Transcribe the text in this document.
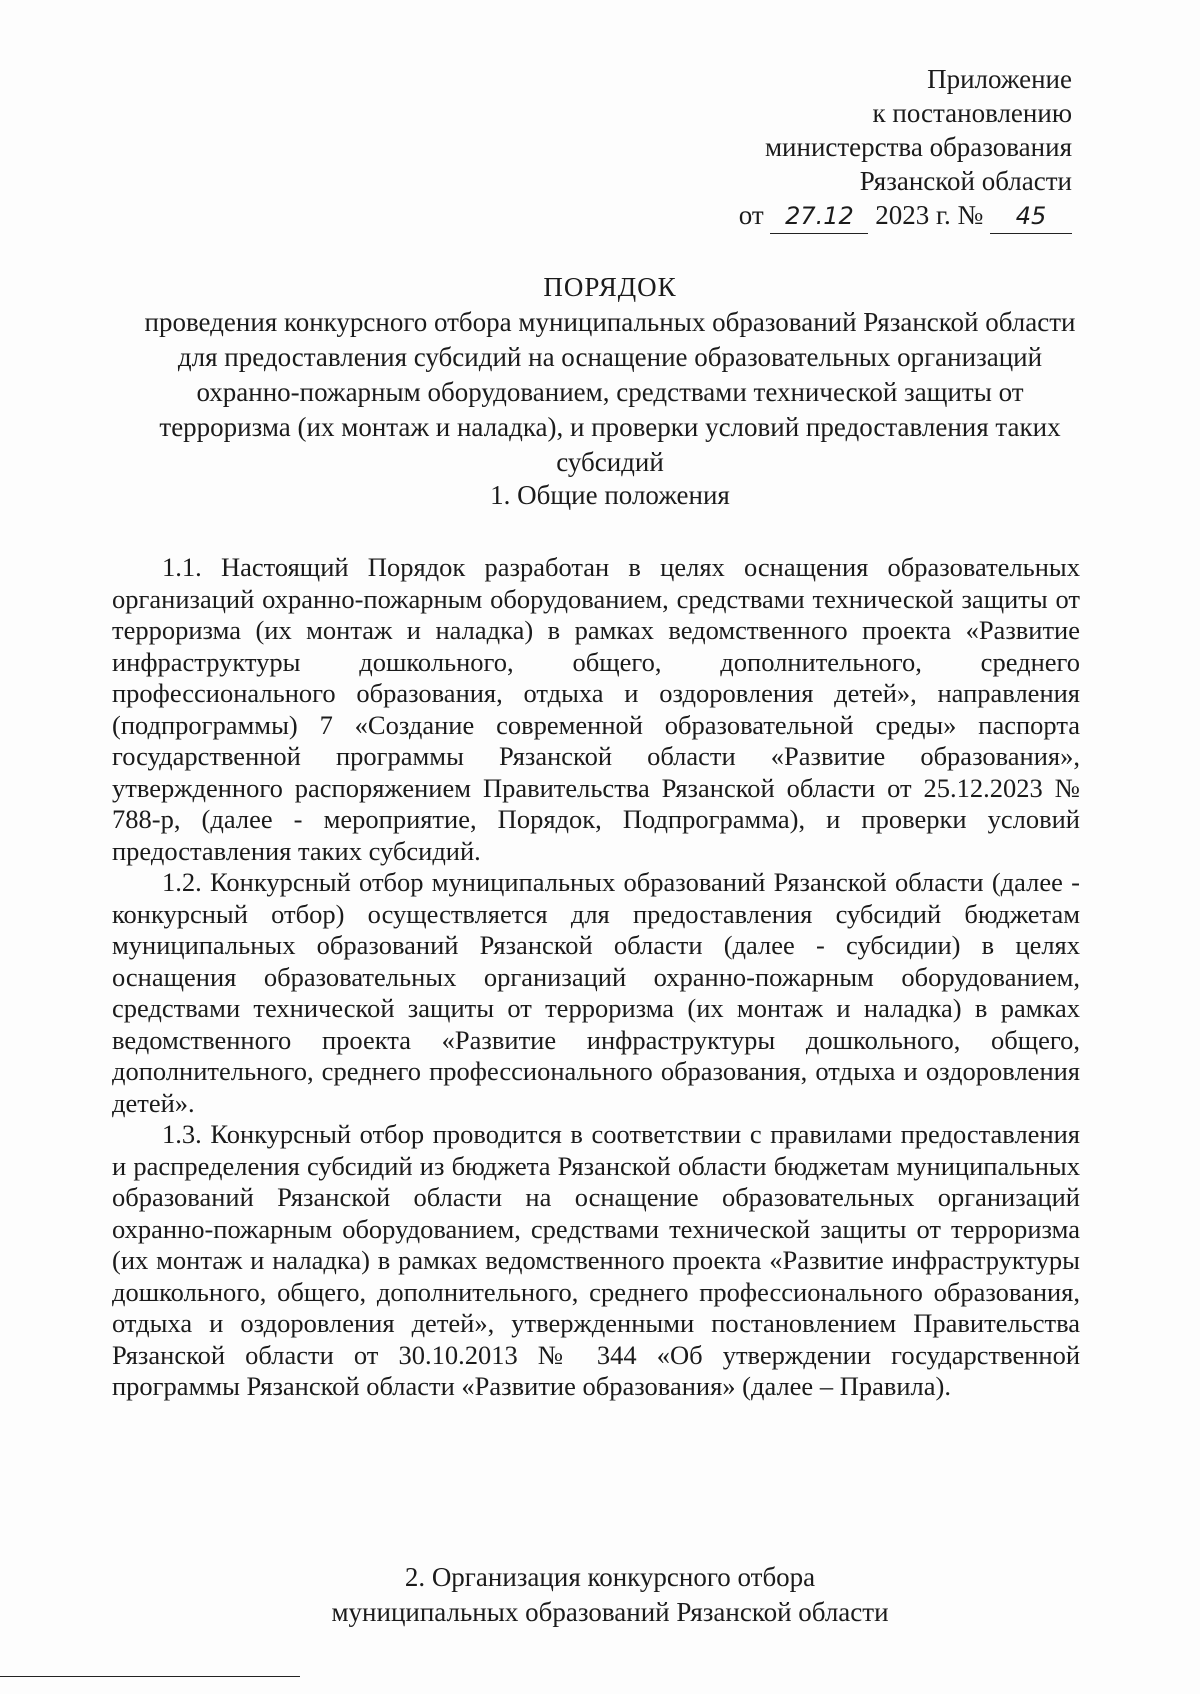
Приложение
к постановлению
министерства образования
Рязанской области
от 27.12 2023 г. № 45
ПОРЯДОК
проведения конкурсного отбора муниципальных образований Рязанской области для предоставления субсидий на оснащение образовательных организаций охранно-пожарным оборудованием, средствами технической защиты от терроризма (их монтаж и наладка), и проверки условий предоставления таких субсидий
1. Общие положения

1.1. Настоящий Порядок разработан в целях оснащения образовательных организаций охранно-пожарным оборудованием, средствами технической защиты от терроризма (их монтаж и наладка) в рамках ведомственного проекта «Развитие инфраструктуры дошкольного, общего, дополнительного, среднего профессионального образования, отдыха и оздоровления детей», направления (подпрограммы) 7 «Создание современной образовательной среды» паспорта государственной программы Рязанской области «Развитие образования», утвержденного распоряжением Правительства Рязанской области от 25.12.2023 № 788-р, (далее - мероприятие, Порядок, Подпрограмма), и проверки условий предоставления таких субсидий.

1.2. Конкурсный отбор муниципальных образований Рязанской области (далее - конкурсный отбор) осуществляется для предоставления субсидий бюджетам муниципальных образований Рязанской области (далее - субсидии) в целях оснащения образовательных организаций охранно-пожарным оборудованием, средствами технической защиты от терроризма (их монтаж и наладка) в рамках ведомственного проекта «Развитие инфраструктуры дошкольного, общего, дополнительного, среднего профессионального образования, отдыха и оздоровления детей».

1.3. Конкурсный отбор проводится в соответствии с правилами предоставления и распределения субсидий из бюджета Рязанской области бюджетам муниципальных образований Рязанской области на оснащение образовательных организаций охранно-пожарным оборудованием, средствами технической защиты от терроризма (их монтаж и наладка) в рамках ведомственного проекта «Развитие инфраструктуры дошкольного, общего, дополнительного, среднего профессионального образования, отдыха и оздоровления детей», утвержденными постановлением Правительства Рязанской области от 30.10.2013 № 344 «Об утверждении государственной программы Рязанской области «Развитие образования» (далее – Правила).

2. Организация конкурсного отбора
муниципальных образований Рязанской области
